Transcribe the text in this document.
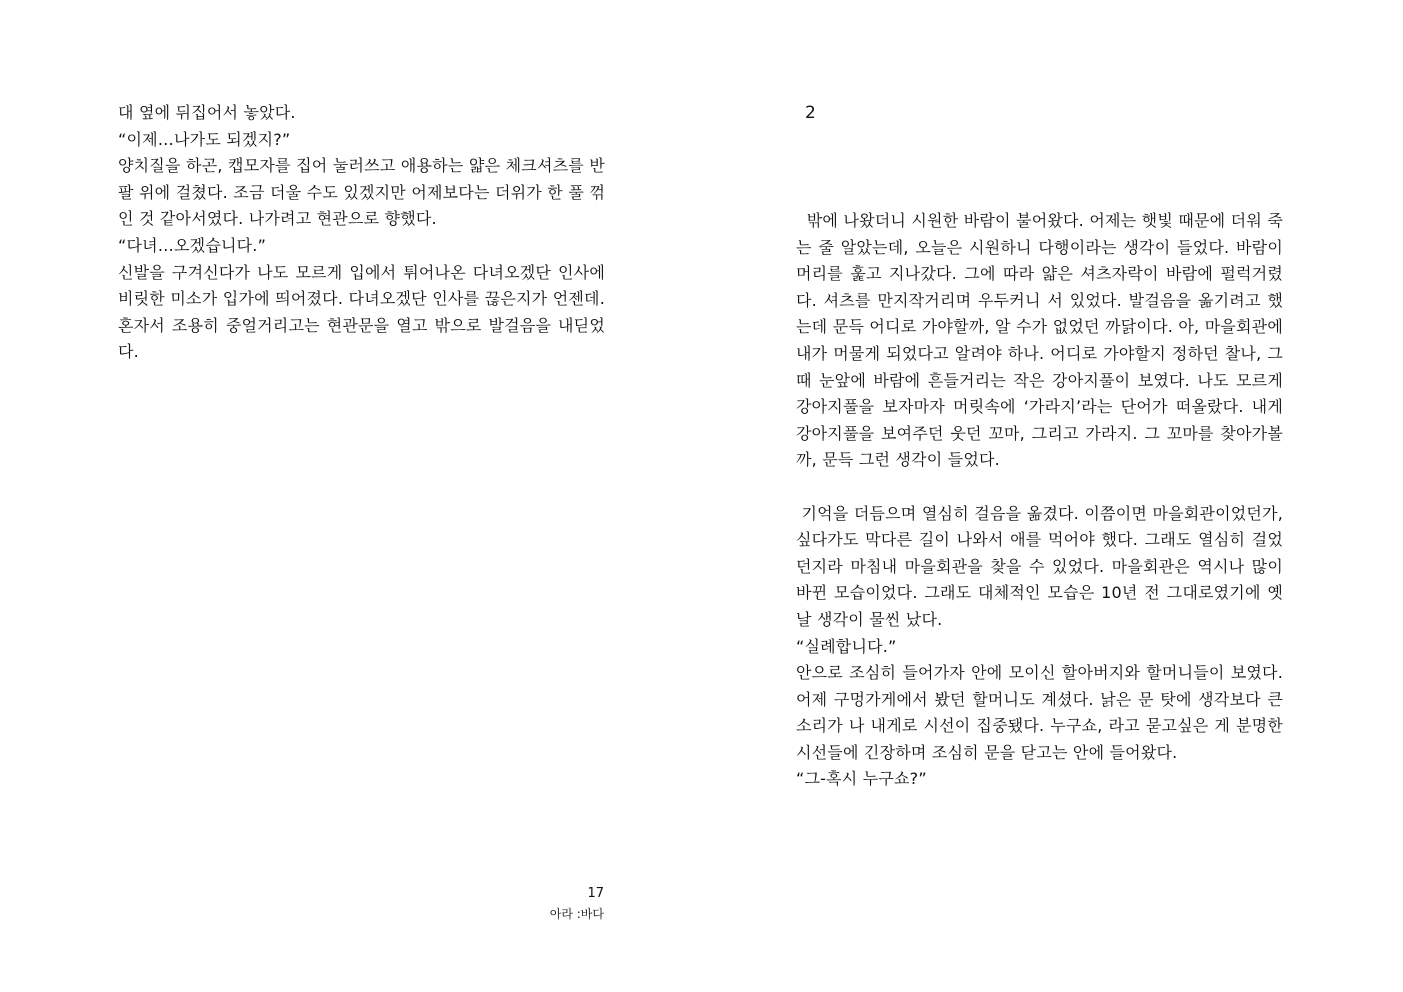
대 옆에 뒤집어서 놓았다.

“이제…나가도 되겠지?”

양치질을 하곤, 캡모자를 집어 눌러쓰고 애용하는 얇은 체크셔츠를 반팔 위에 걸쳤다. 조금 더울 수도 있겠지만 어제보다는 더위가 한 풀 꺾인 것 같아서였다. 나가려고 현관으로 향했다.

“다녀…오겠습니다.”

신발을 구겨신다가 나도 모르게 입에서 튀어나온 다녀오겠단 인사에 비릿한 미소가 입가에 띄어졌다. 다녀오겠단 인사를 끊은지가 언젠데. 혼자서 조용히 중얼거리고는 현관문을 열고 밖으로 발걸음을 내딛었다.

17
아라 :바다
2

밖에 나왔더니 시원한 바람이 불어왔다. 어제는 햇빛 때문에 더워 죽는 줄 알았는데, 오늘은 시원하니 다행이라는 생각이 들었다. 바람이 머리를 훑고 지나갔다. 그에 따라 얇은 셔츠자락이 바람에 펄럭거렸다. 셔츠를 만지작거리며 우두커니 서 있었다. 발걸음을 옮기려고 했는데 문득 어디로 가야할까, 알 수가 없었던 까닭이다. 아, 마을회관에 내가 머물게 되었다고 알려야 하나. 어디로 가야할지 정하던 찰나, 그때 눈앞에 바람에 흔들거리는 작은 강아지풀이 보였다. 나도 모르게 강아지풀을 보자마자 머릿속에 ‘가라지’라는 단어가 떠올랐다. 내게 강아지풀을 보여주던 웃던 꼬마, 그리고 가라지. 그 꼬마를 찾아가볼까, 문득 그런 생각이 들었다.

기억을 더듬으며 열심히 걸음을 옮겼다. 이쯤이면 마을회관이었던가, 싶다가도 막다른 길이 나와서 애를 먹어야 했다. 그래도 열심히 걸었던지라 마침내 마을회관을 찾을 수 있었다. 마을회관은 역시나 많이 바뀐 모습이었다. 그래도 대체적인 모습은 10년 전 그대로였기에 옛날 생각이 물씬 났다.

“실례합니다.”

안으로 조심히 들어가자 안에 모이신 할아버지와 할머니들이 보였다. 어제 구멍가게에서 봤던 할머니도 계셨다. 낡은 문 탓에 생각보다 큰 소리가 나 내게로 시선이 집중됐다. 누구쇼, 라고 묻고싶은 게 분명한 시선들에 긴장하며 조심히 문을 닫고는 안에 들어왔다.

“그-혹시 누구쇼?”
